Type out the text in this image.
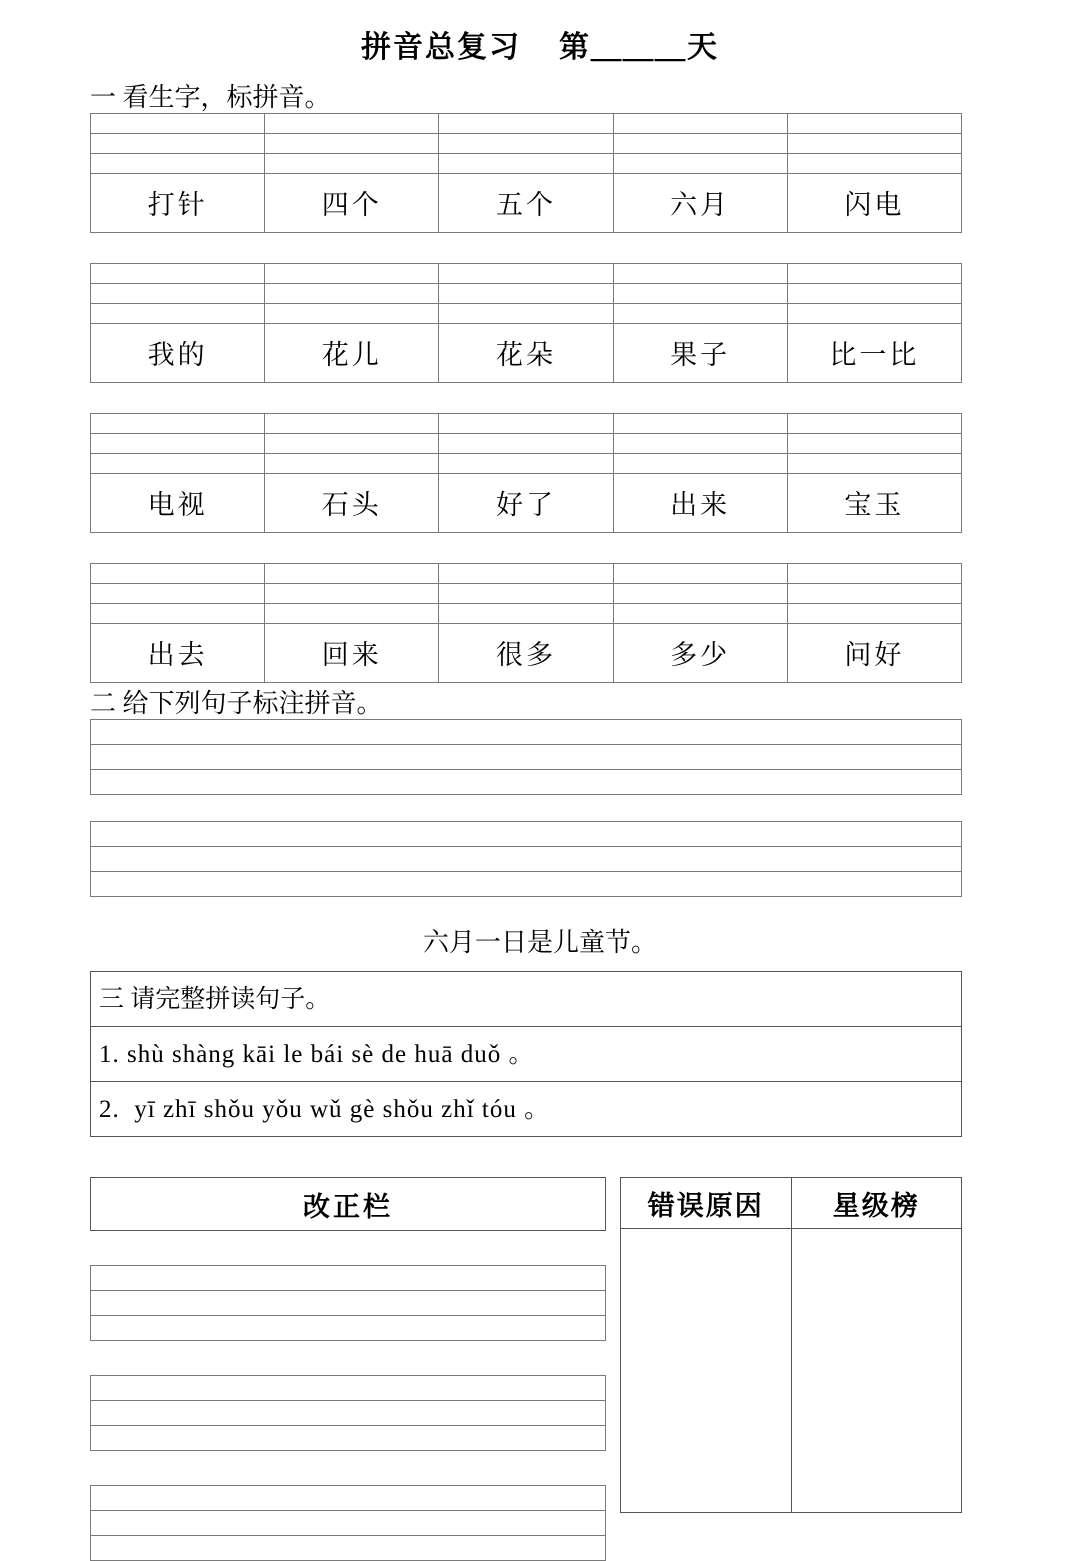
拼音总复习    第＿＿＿天
一 看生字，标拼音。

打针	四个	五个	六月	闪电

我的	花儿	花朵	果子	比一比

电视	石头	好了	出来	宝玉

出去	回来	很多	多少	问好
二 给下列句子标注拼音。

六月一日是儿童节。
三 请完整拼读句子。
1. shù shàng kāi le bái sè de huā duǒ 。
2.  yī zhī shǒu yǒu wǔ gè shǒu zhǐ tóu 。
改正栏	错误原因	星级榜
